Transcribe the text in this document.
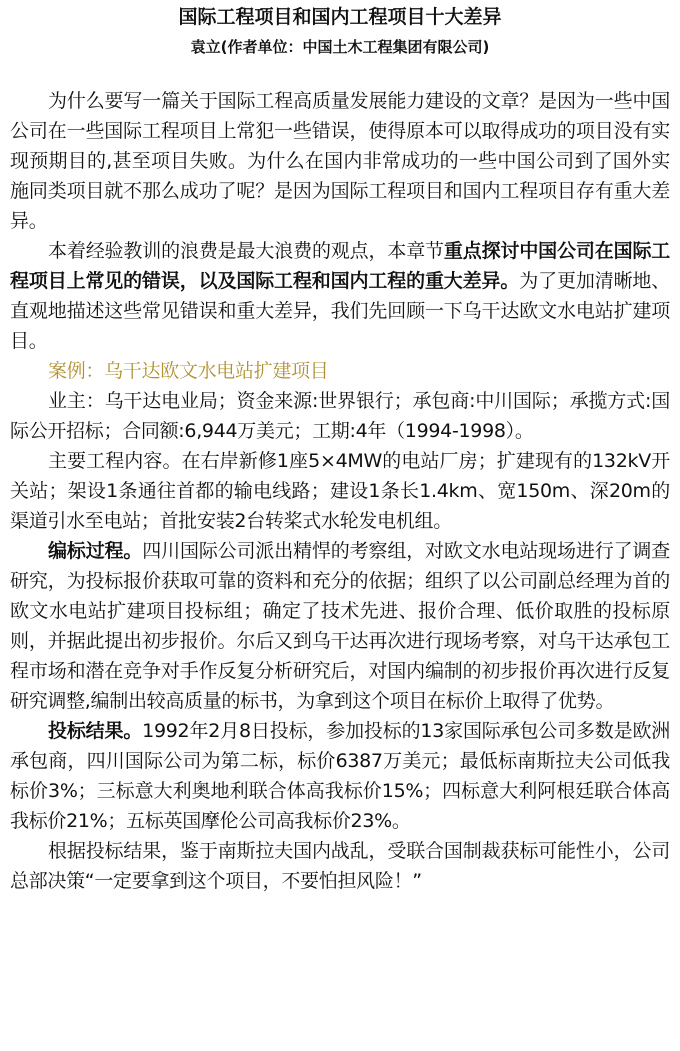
国际工程项目和国内工程项目十大差异
袁立(作者单位：中国土木工程集团有限公司)

为什么要写一篇关于国际工程高质量发展能力建设的文章？是因为一些中国公司在一些国际工程项目上常犯一些错误，使得原本可以取得成功的项目没有实现预期目的,甚至项目失败。为什么在国内非常成功的一些中国公司到了国外实施同类项目就不那么成功了呢？是因为国际工程项目和国内工程项目存有重大差异。

本着经验教训的浪费是最大浪费的观点，本章节重点探讨中国公司在国际工程项目上常见的错误，以及国际工程和国内工程的重大差异。为了更加清晰地、直观地描述这些常见错误和重大差异，我们先回顾一下乌干达欧文水电站扩建项目。

案例：乌干达欧文水电站扩建项目

业主：乌干达电业局；资金来源:世界银行；承包商:中川国际；承揽方式:国际公开招标；合同额:6,944万美元；工期:4年（1994-1998）。

主要工程内容。在右岸新修1座5×4MW的电站厂房；扩建现有的132kV开关站；架设1条通往首都的输电线路；建设1条长1.4km、宽150m、深20m的渠道引水至电站；首批安装2台转桨式水轮发电机组。

编标过程。四川国际公司派出精悍的考察组，对欧文水电站现场进行了调查研究，为投标报价获取可靠的资料和充分的依据；组织了以公司副总经理为首的欧文水电站扩建项目投标组；确定了技术先进、报价合理、低价取胜的投标原则，并据此提出初步报价。尔后又到乌干达再次进行现场考察，对乌干达承包工程市场和潜在竞争对手作反复分析研究后，对国内编制的初步报价再次进行反复研究调整,编制出较高质量的标书，为拿到这个项目在标价上取得了优势。

投标结果。1992年2月8日投标，参加投标的13家国际承包公司多数是欧洲承包商，四川国际公司为第二标，标价6387万美元；最低标南斯拉夫公司低我标价3%；三标意大利奥地利联合体高我标价15%；四标意大利阿根廷联合体高我标价21%；五标英国摩伦公司高我标价23%。

根据投标结果，鉴于南斯拉夫国内战乱，受联合国制裁获标可能性小，公司总部决策“一定要拿到这个项目，不要怕担风险！”
